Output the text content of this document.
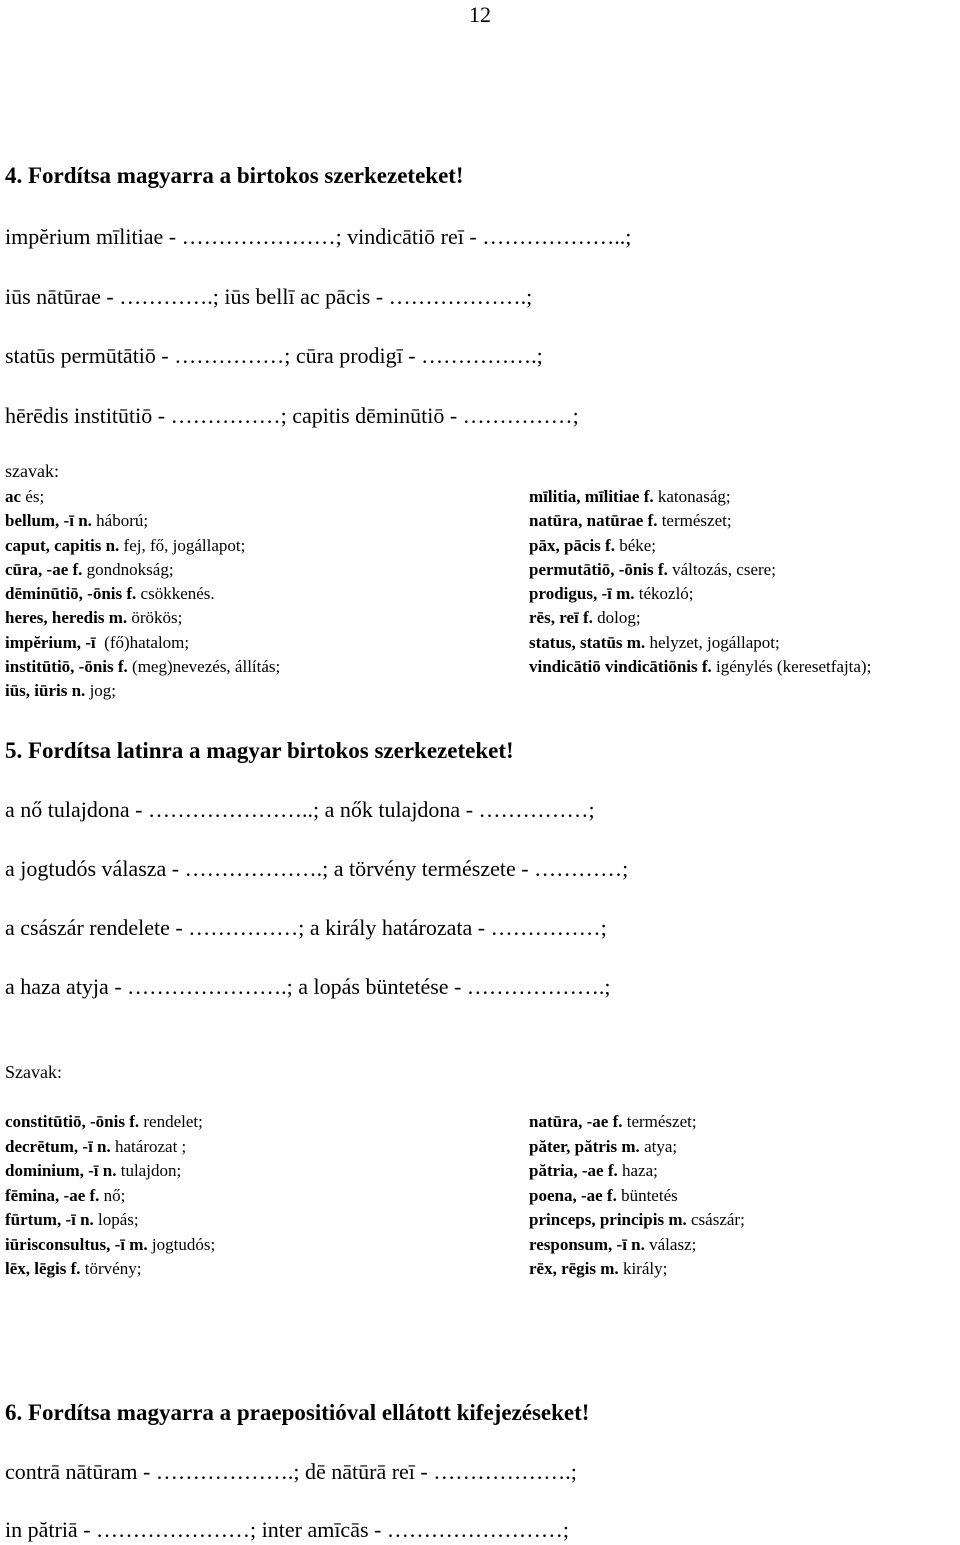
12
4. Fordítsa magyarra a birtokos szerkezeteket!
impĕrium mīlitiae - …………………; vindicātiō reī - ………………..;
iūs nātūrae - ………….; iūs bellī ac pācis - ……………….;
statūs permūtātiō - ……………; cūra prodigī - …………….;
hērēdis institūtiō - ……………; capitis dēminūtiō - ……………;
szavak:
ac és;
bellum, -ī n. háború;
caput, capitis n. fej, fő, jogállapot;
cūra, -ae f. gondnokság;
dēminūtiō, -ōnis f. csökkenés.
heres, heredis m. örökös;
impĕrium, -ī  (fő)hatalom;
institūtiō, -ōnis f. (meg)nevezés, állítás;
iūs, iūris n. jog;
mīlitia, mīlitiae f. katonaság;
natūra, natūrae f. természet;
pāx, pācis f. béke;
permutātiō, -ōnis f. változás, csere;
prodigus, -ī m. tékozló;
rēs, reī f. dolog;
status, statūs m. helyzet, jogállapot;
vindicātiō vindicātiōnis f. igénylés (keresetfajta);
5. Fordítsa latinra a magyar birtokos szerkezeteket!
a nő tulajdona - …………………..; a nők tulajdona - ……………;
a jogtudós válasza - ……………….; a törvény természete - …………;
a császár rendelete - ……………; a király határozata - ……………;
a haza atyja - ………………….; a lopás büntetése - ……………….;
Szavak:
constitūtiō, -ōnis f. rendelet;
decrētum, -ī n. határozat ;
dominium, -ī n. tulajdon;
fēmina, -ae f. nő;
fūrtum, -ī n. lopás;
iūrisconsultus, -ī m. jogtudós;
lēx, lēgis f. törvény;
natūra, -ae f. természet;
păter, pătris m. atya;
pătria, -ae f. haza;
poena, -ae f. büntetés
princeps, principis m. császár;
responsum, -ī n. válasz;
rēx, rēgis m. király;
6. Fordítsa magyarra a praepositióval ellátott kifejezéseket!
contrā nātūram - ……………….; dē nātūrā reī - ……………….;
in pătriā - …………………; inter amīcās - ……………………;
